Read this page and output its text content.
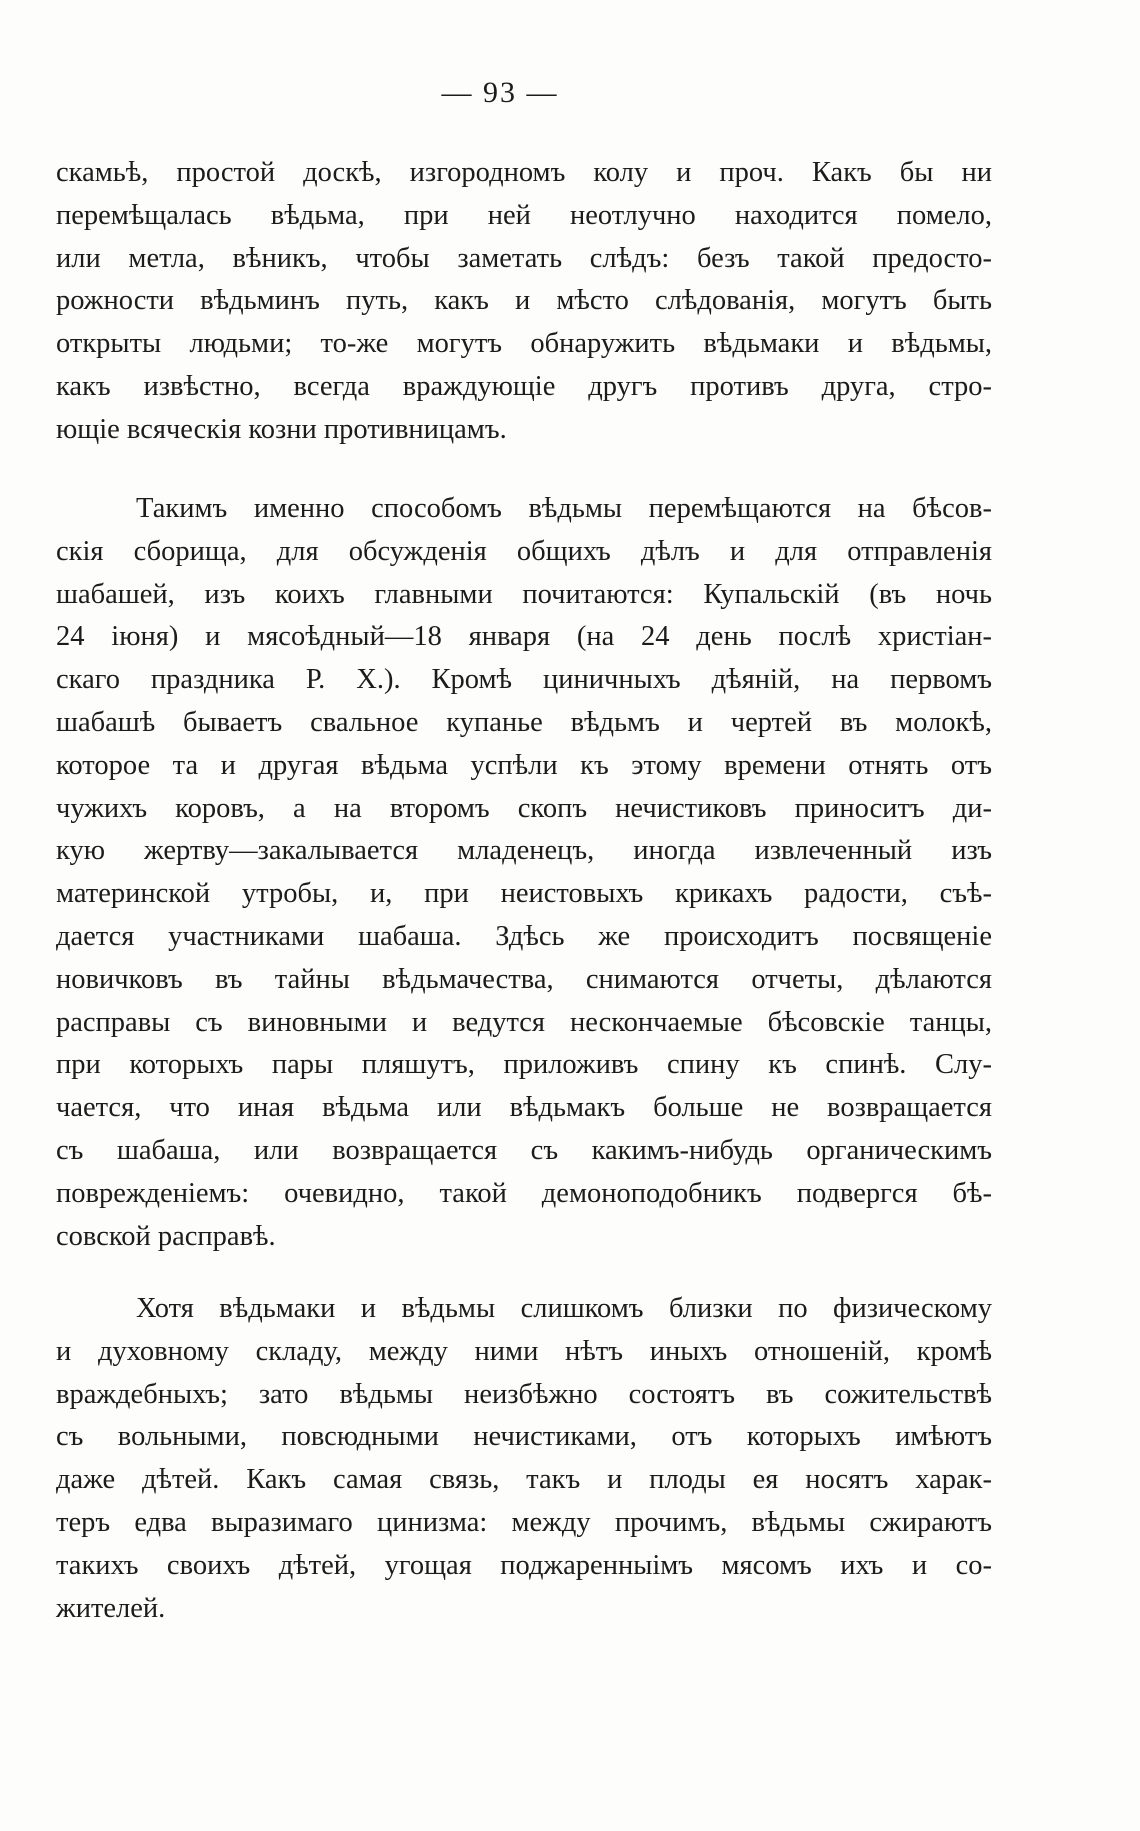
— 93 —
скамьѣ, простой доскѣ, изгородномъ колу и проч. Какъ бы ни
перемѣщалась вѣдьма, при ней неотлучно находится помело,
или метла, вѣникъ, чтобы заметать слѣдъ: безъ такой предосто-
рожности вѣдьминъ путь, какъ и мѣсто слѣдованія, могутъ быть
открыты людьми; то-же могутъ обнаружить вѣдьмаки и вѣдьмы,
какъ извѣстно, всегда враждующіе другъ противъ друга, стро-
ющіе всяческія козни противницамъ.
Такимъ именно способомъ вѣдьмы перемѣщаются на бѣсов-
скія сборища, для обсужденія общихъ дѣлъ и для отправленія
шабашей, изъ коихъ главными почитаются: Купальскій (въ ночь
24 іюня) и мясоѣдный—18 января (на 24 день послѣ христіан-
скаго праздника Р. Х.). Кромѣ циничныхъ дѣяній, на первомъ
шабашѣ бываетъ свальное купанье вѣдьмъ и чертей въ молокѣ,
которое та и другая вѣдьма успѣли къ этому времени отнять отъ
чужихъ коровъ, а на второмъ скопъ нечистиковъ приноситъ ди-
кую жертву—закалывается младенецъ, иногда извлеченный изъ
материнской утробы, и, при неистовыхъ крикахъ радости, съѣ-
дается участниками шабаша. Здѣсь же происходитъ посвященіе
новичковъ въ тайны вѣдьмачества, снимаются отчеты, дѣлаются
расправы съ виновными и ведутся нескончаемые бѣсовскіе танцы,
при которыхъ пары пляшутъ, приложивъ спину къ спинѣ. Слу-
чается, что иная вѣдьма или вѣдьмакъ больше не возвращается
съ шабаша, или возвращается съ какимъ-нибудь органическимъ
поврежденіемъ: очевидно, такой демоноподобникъ подвергся бѣ-
совской расправѣ.
Хотя вѣдьмаки и вѣдьмы слишкомъ близки по физическому
и духовному складу, между ними нѣтъ иныхъ отношеній, кромѣ
враждебныхъ; зато вѣдьмы неизбѣжно состоятъ въ сожительствѣ
съ вольными, повсюдными нечистиками, отъ которыхъ имѣютъ
даже дѣтей. Какъ самая связь, такъ и плоды ея носятъ харак-
теръ едва выразимаго цинизма: между прочимъ, вѣдьмы сжираютъ
такихъ своихъ дѣтей, угощая поджаренныімъ мясомъ ихъ и со-
жителей.
